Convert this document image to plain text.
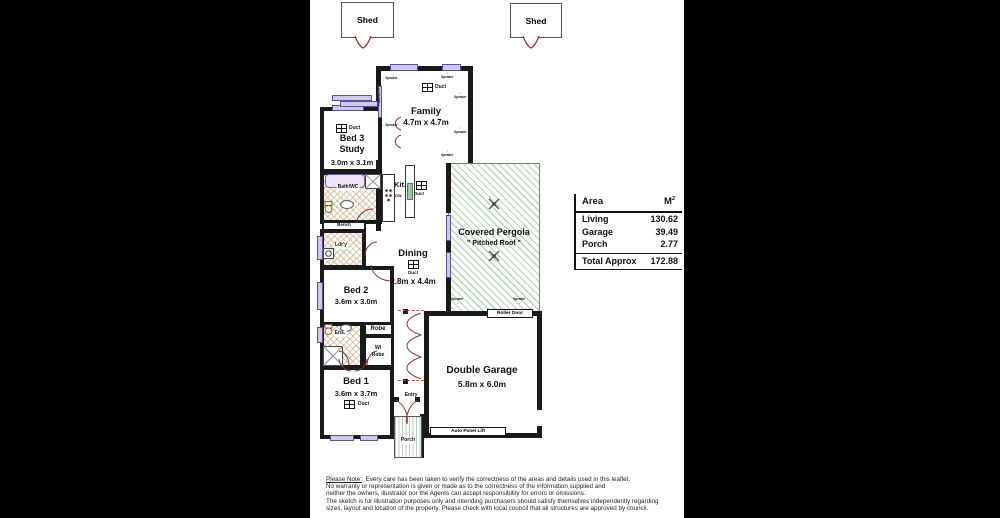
Shed	Shed
Family
4.7m x 4.7m
Duct
Duct
Bed 3
Study
3.0m x 3.1m
Bath/WC
Bench
Ldr'y
Bed 2
3.6m x 3.0m
Robe
WI Robe
Ens.
Bed 1
3.6m x 3.7m
Duct
Entry
Porch
Kit.
DW	Duct
Dining
Duct
2.8m x 4.4m
Covered Pergola
" Pitched Roof "
Double Garage
5.8m x 6.0m
Roller Door
Auto Panel Lift
Plasma TV
←Speaker
○
Speaker
○
Speaker
←Speaker
○
Speaker
○
Speaker
Speaker
↓
Speaker
↓
Area	$M^2$
Living	130.62
Garage	39.49
Porch	2.77
Total Approx 172.88
Please Note: Every care has been taken to verify the correctness of the areas and details used in this leaflet.
No warranty or representation is given or made as to the correctness of the information supplied and
neither the owners, illustrator nor the Agents can accept responsibility for errors or omissions.
The sketch is for illustration purposes only and intending purchasers should satisfy themselves independently regarding
sizes, layout and location of the property. Please check with local council that all structures are approved by council.
